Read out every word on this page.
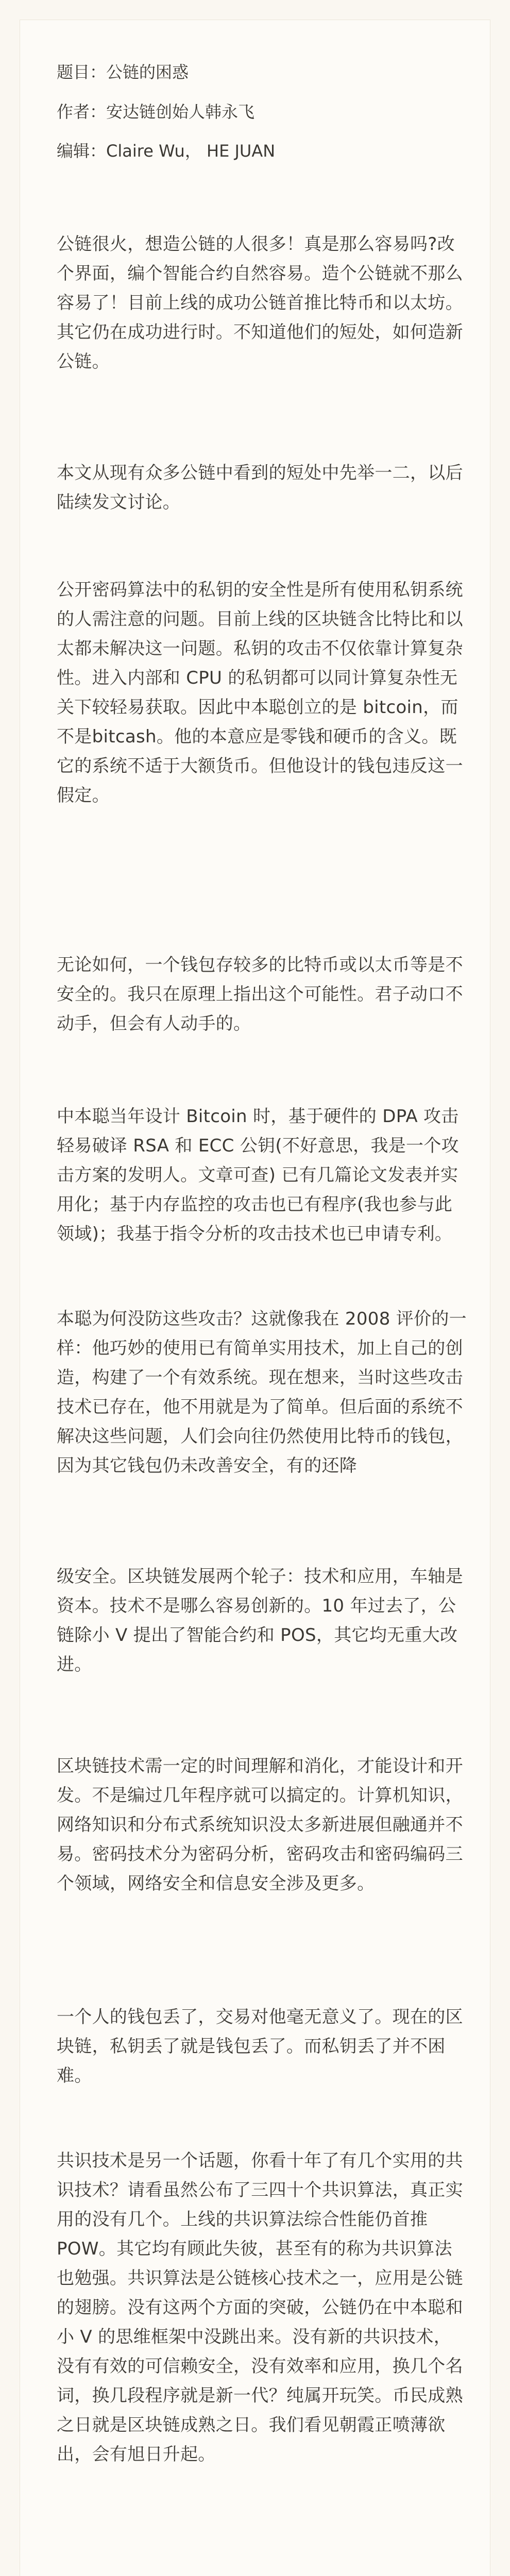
题目：公链的困惑

作者：安达链创始人韩永飞

编辑：Claire Wu， HE JUAN

公链很火，想造公链的人很多！真是那么容易吗?改个界面，编个智能合约自然容易。造个公链就不那么容易了！目前上线的成功公链首推比特币和以太坊。其它仍在成功进行时。不知道他们的短处，如何造新公链。

本文从现有众多公链中看到的短处中先举一二，以后陆续发文讨论。

公开密码算法中的私钥的安全性是所有使用私钥系统的人需注意的问题。目前上线的区块链含比特比和以太都未解决这一问题。私钥的攻击不仅依靠计算复杂性。进入内部和 CPU 的私钥都可以同计算复杂性无关下较轻易获取。因此中本聪创立的是 bitcoin，而不是bitcash。他的本意应是零钱和硬币的含义。既它的系统不适于大额货币。但他设计的钱包违反这一假定。

无论如何，一个钱包存较多的比特币或以太币等是不安全的。我只在原理上指出这个可能性。君子动口不动手，但会有人动手的。

中本聪当年设计 Bitcoin 时，基于硬件的 DPA 攻击轻易破译 RSA 和 ECC 公钥(不好意思，我是一个攻击方案的发明人。文章可查) 已有几篇论文发表并实用化；基于内存监控的攻击也已有程序(我也参与此领域)；我基于指令分析的攻击技术也已申请专利。

本聪为何没防这些攻击？这就像我在 2008 评价的一样：他巧妙的使用已有简单实用技术，加上自己的创造，构建了一个有效系统。现在想来，当时这些攻击技术已存在，他不用就是为了简单。但后面的系统不解决这些问题，人们会向往仍然使用比特币的钱包，因为其它钱包仍未改善安全，有的还降

级安全。区块链发展两个轮子：技术和应用，车轴是资本。技术不是哪么容易创新的。10 年过去了，公链除小 V 提出了智能合约和 POS，其它均无重大改进。

区块链技术需一定的时间理解和消化，才能设计和开发。不是编过几年程序就可以搞定的。计算机知识，网络知识和分布式系统知识没太多新进展但融通并不易。密码技术分为密码分析，密码攻击和密码编码三个领域，网络安全和信息安全涉及更多。

一个人的钱包丢了，交易对他毫无意义了。现在的区块链，私钥丢了就是钱包丢了。而私钥丢了并不困难。

共识技术是另一个话题，你看十年了有几个实用的共识技术？请看虽然公布了三四十个共识算法，真正实用的没有几个。上线的共识算法综合性能仍首推 POW。其它均有顾此失彼，甚至有的称为共识算法也勉强。共识算法是公链核心技术之一，应用是公链的翅膀。没有这两个方面的突破，公链仍在中本聪和小 V 的思维框架中没跳出来。没有新的共识技术，没有有效的可信赖安全，没有效率和应用，换几个名词，换几段程序就是新一代？纯属开玩笑。币民成熟之日就是区块链成熟之日。我们看见朝霞正喷薄欲出，会有旭日升起。
